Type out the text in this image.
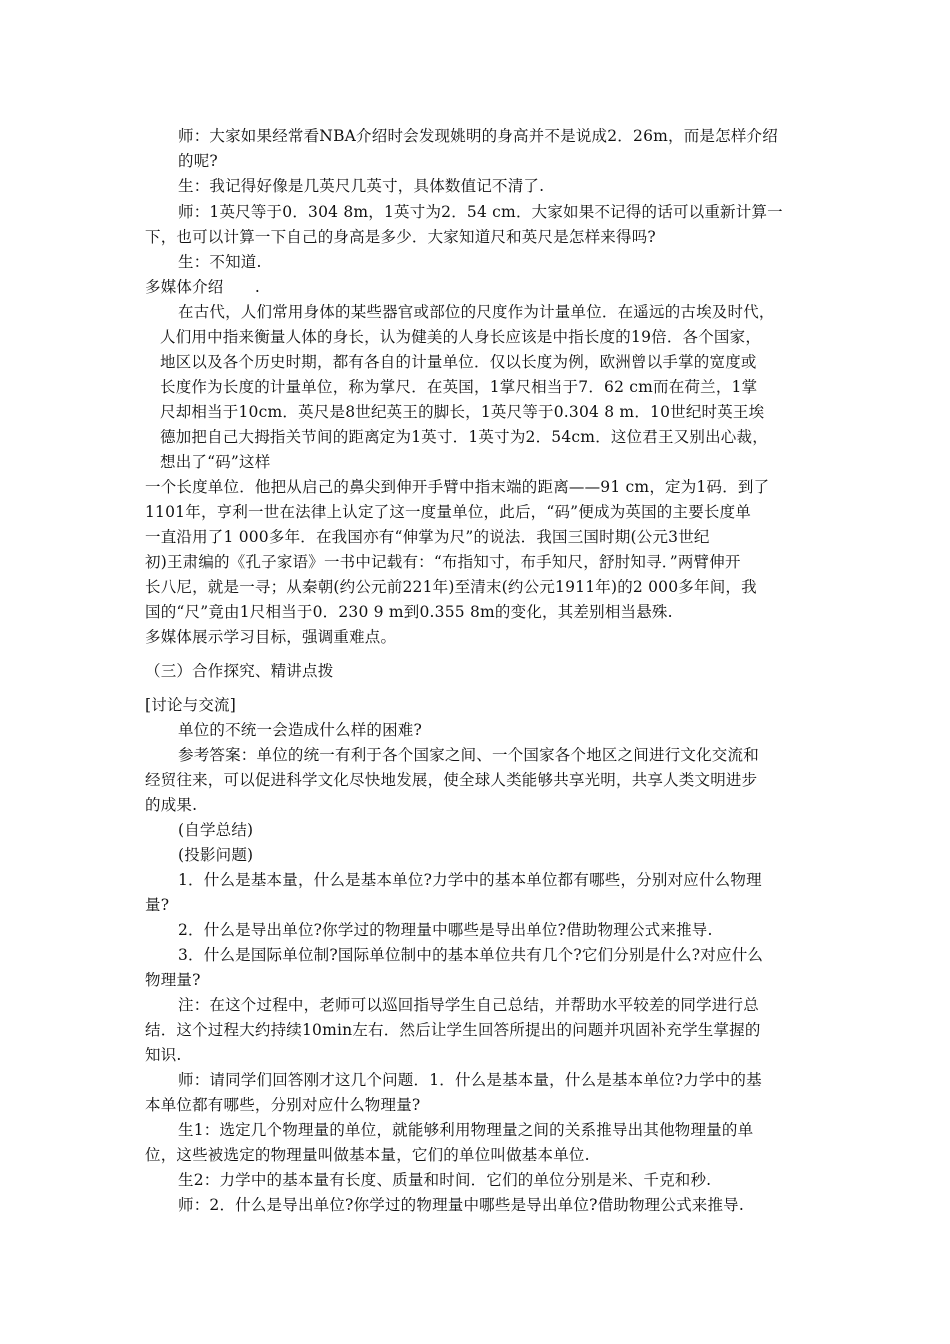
师：大家如果经常看NBA介绍时会发现姚明的身高并不是说成2．26m，而是怎样介绍
的呢?
生：我记得好像是几英尺几英寸，具体数值记不清了.
师：1英尺等于0．304 8m，1英寸为2．54 cm．大家如果不记得的话可以重新计算一
下，也可以计算一下自己的身高是多少．大家知道尺和英尺是怎样来得吗?
生：不知道.
多媒体介绍　　.
在古代，人们常用身体的某些器官或部位的尺度作为计量单位．在遥远的古埃及时代，
人们用中指来衡量人体的身长，认为健美的人身长应该是中指长度的19倍．各个国家，
地区以及各个历史时期，都有各自的计量单位．仅以长度为例，欧洲曾以手掌的宽度或
长度作为长度的计量单位，称为掌尺．在英国，1掌尺相当于7．62 cm而在荷兰，1掌
尺却相当于10cm．英尺是8世纪英王的脚长，1英尺等于0.304 8 m．10世纪时英王埃
德加把自己大拇指关节间的距离定为1英寸．1英寸为2．54cm．这位君王又别出心裁，
想出了“码”这样
一个长度单位．他把从启己的鼻尖到伸开手臂中指末端的距离——91 cm，定为1码．到了
1101年，亨利一世在法律上认定了这一度量单位，此后，“码”便成为英国的主要长度单
一直沿用了1 000多年．在我国亦有“伸掌为尺”的说法．我国三国时期(公元3世纪
初)王肃编的《孔子家语》一书中记载有：“布指知寸，布手知尺，舒肘知寻．”两臂伸开
长八尼，就是一寻；从秦朝(约公元前221年)至清末(约公元1911年)的2 000多年间，我
国的“尺”竟由1尺相当于0．230 9 m到0.355 8m的变化，其差别相当悬殊.
多媒体展示学习目标，强调重难点。
（三）合作探究、精讲点拨
[讨论与交流]
单位的不统一会造成什么样的困难?
参考答案：单位的统一有利于各个国家之间、一个国家各个地区之间进行文化交流和
经贸往来，可以促进科学文化尽快地发展，使全球人类能够共享光明，共享人类文明进步
的成果.
(自学总结)
(投影问题)
1．什么是基本量，什么是基本单位?力学中的基本单位都有哪些，分别对应什么物理
量?
2．什么是导出单位?你学过的物理量中哪些是导出单位?借助物理公式来推导.
3．什么是国际单位制?国际单位制中的基本单位共有几个?它们分别是什么?对应什么
物理量?
注：在这个过程中，老师可以巡回指导学生自己总结，并帮助水平较差的同学进行总
结．这个过程大约持续10min左右．然后让学生回答所提出的问题并巩固补充学生掌握的
知识.
师：请同学们回答刚才这几个问题．1．什么是基本量，什么是基本单位?力学中的基
本单位都有哪些，分别对应什么物理量?
生1：选定几个物理量的单位，就能够利用物理量之间的关系推导出其他物理量的单
位，这些被选定的物理量叫做基本量，它们的单位叫做基本单位.
生2：力学中的基本量有长度、质量和时间．它们的单位分别是米、千克和秒.
师：2．什么是导出单位?你学过的物理量中哪些是导出单位?借助物理公式来推导.
